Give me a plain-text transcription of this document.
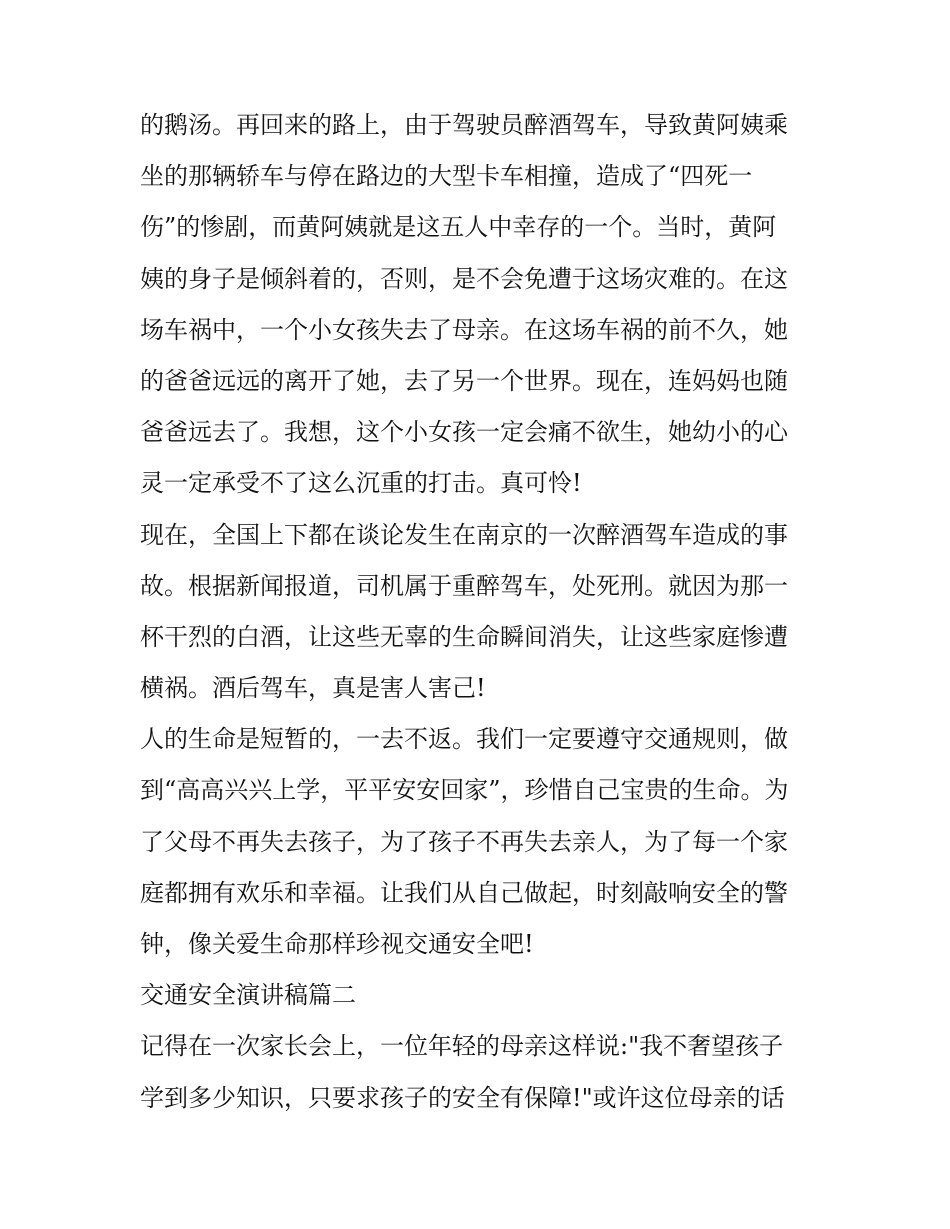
的鹅汤。再回来的路上，由于驾驶员醉酒驾车，导致黄阿姨乘
坐的那辆轿车与停在路边的大型卡车相撞，造成了“四死一
伤”的惨剧，而黄阿姨就是这五人中幸存的一个。当时，黄阿
姨的身子是倾斜着的，否则，是不会免遭于这场灾难的。在这
场车祸中，一个小女孩失去了母亲。在这场车祸的前不久，她
的爸爸远远的离开了她，去了另一个世界。现在，连妈妈也随
爸爸远去了。我想，这个小女孩一定会痛不欲生，她幼小的心
灵一定承受不了这么沉重的打击。真可怜!
现在，全国上下都在谈论发生在南京的一次醉酒驾车造成的事
故。根据新闻报道，司机属于重醉驾车，处死刑。就因为那一
杯干烈的白酒，让这些无辜的生命瞬间消失，让这些家庭惨遭
横祸。酒后驾车，真是害人害己!
人的生命是短暂的，一去不返。我们一定要遵守交通规则，做
到“高高兴兴上学，平平安安回家”，珍惜自己宝贵的生命。为
了父母不再失去孩子，为了孩子不再失去亲人，为了每一个家
庭都拥有欢乐和幸福。让我们从自己做起，时刻敲响安全的警
钟，像关爱生命那样珍视交通安全吧!
交通安全演讲稿篇二
记得在一次家长会上，一位年轻的母亲这样说:"我不奢望孩子
学到多少知识，只要求孩子的安全有保障!"或许这位母亲的话
